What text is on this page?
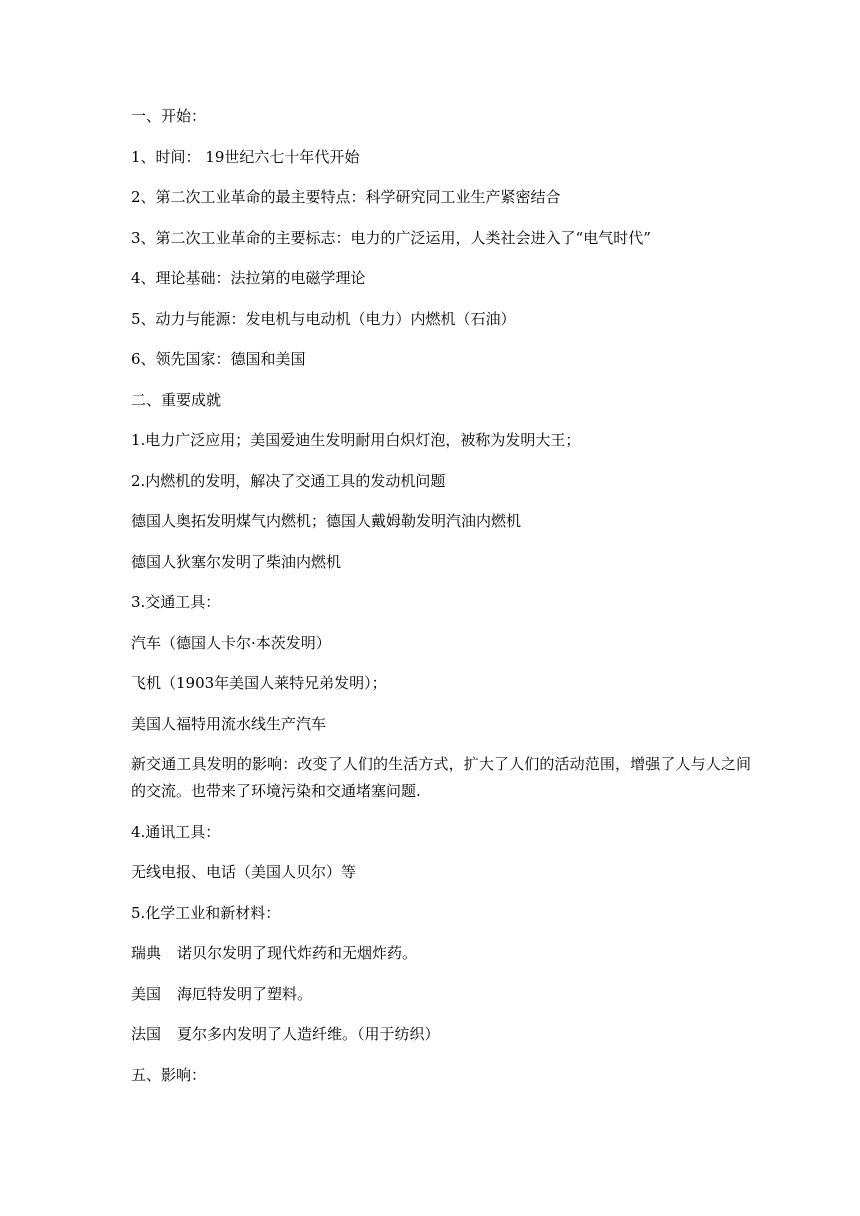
一、开始：

1、时间： 19世纪六七十年代开始

2、第二次工业革命的最主要特点：科学研究同工业生产紧密结合

3、第二次工业革命的主要标志：电力的广泛运用，人类社会进入了“电气时代”

4、理论基础：法拉第的电磁学理论

5、动力与能源：发电机与电动机（电力）内燃机（石油）

6、领先国家：德国和美国

二、重要成就

1.电力广泛应用；美国爱迪生发明耐用白炽灯泡，被称为发明大王；

2.内燃机的发明，解决了交通工具的发动机问题

德国人奥拓发明煤气内燃机；德国人戴姆勒发明汽油内燃机

德国人狄塞尔发明了柴油内燃机

3.交通工具：

汽车（德国人卡尔·本茨发明）

飞机（1903年美国人莱特兄弟发明）；

美国人福特用流水线生产汽车

新交通工具发明的影响：改变了人们的生活方式，扩大了人们的活动范围，增强了人与人之间的交流。也带来了环境污染和交通堵塞问题.

4.通讯工具：

无线电报、电话（美国人贝尔）等

5.化学工业和新材料：

瑞典 诺贝尔发明了现代炸药和无烟炸药。

美国 海厄特发明了塑料。

法国 夏尔多内发明了人造纤维。（用于纺织）

五、影响：
